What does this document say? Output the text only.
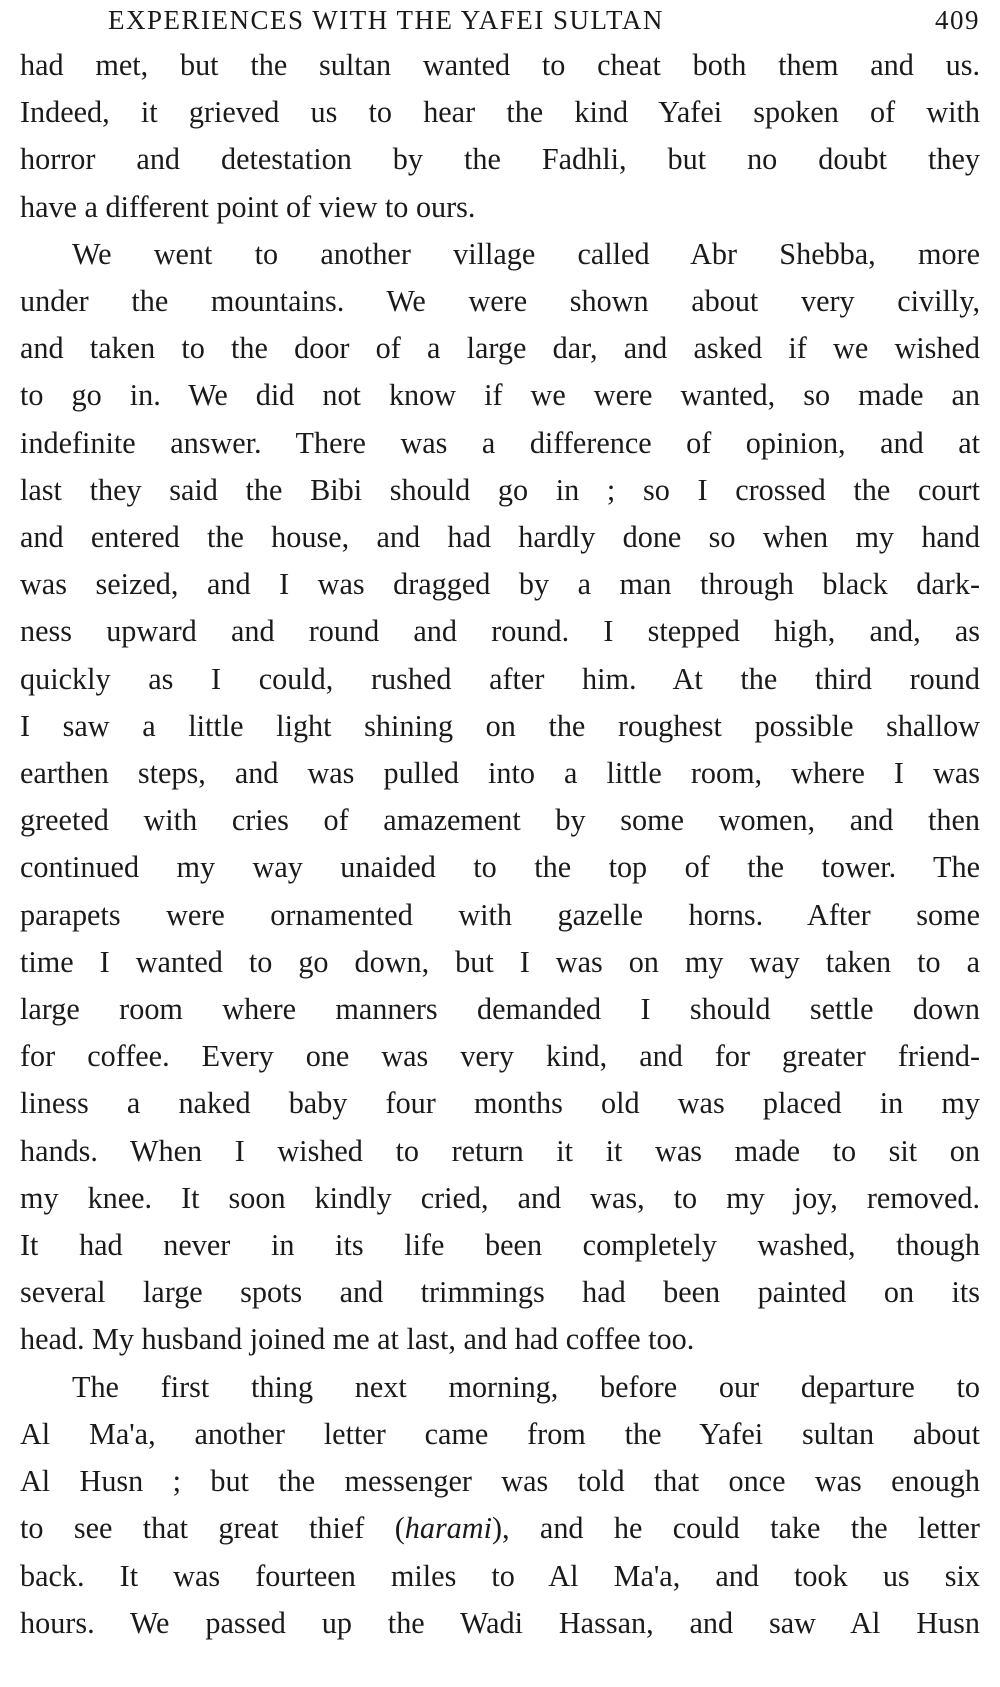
EXPERIENCES WITH THE YAFEI SULTAN	409
had met, but the sultan wanted to cheat both them and us.
Indeed, it grieved us to hear the kind Yafei spoken of with
horror and detestation by the Fadhli, but no doubt they
have a different point of view to ours.
We went to another village called Abr Shebba, more
under the mountains. We were shown about very civilly,
and taken to the door of a large dar, and asked if we wished
to go in. We did not know if we were wanted, so made an
indefinite answer. There was a difference of opinion, and at
last they said the Bibi should go in ; so I crossed the court
and entered the house, and had hardly done so when my hand
was seized, and I was dragged by a man through black dark-
ness upward and round and round. I stepped high, and, as
quickly as I could, rushed after him. At the third round
I saw a little light shining on the roughest possible shallow
earthen steps, and was pulled into a little room, where I was
greeted with cries of amazement by some women, and then
continued my way unaided to the top of the tower. The
parapets were ornamented with gazelle horns. After some
time I wanted to go down, but I was on my way taken to a
large room where manners demanded I should settle down
for coffee. Every one was very kind, and for greater friend-
liness a naked baby four months old was placed in my
hands. When I wished to return it it was made to sit on
my knee. It soon kindly cried, and was, to my joy, removed.
It had never in its life been completely washed, though
several large spots and trimmings had been painted on its
head. My husband joined me at last, and had coffee too.
The first thing next morning, before our departure to
Al Ma'a, another letter came from the Yafei sultan about
Al Husn ; but the messenger was told that once was enough
to see that great thief (harami), and he could take the letter
back. It was fourteen miles to Al Ma'a, and took us six
hours. We passed up the Wadi Hassan, and saw Al Husn
